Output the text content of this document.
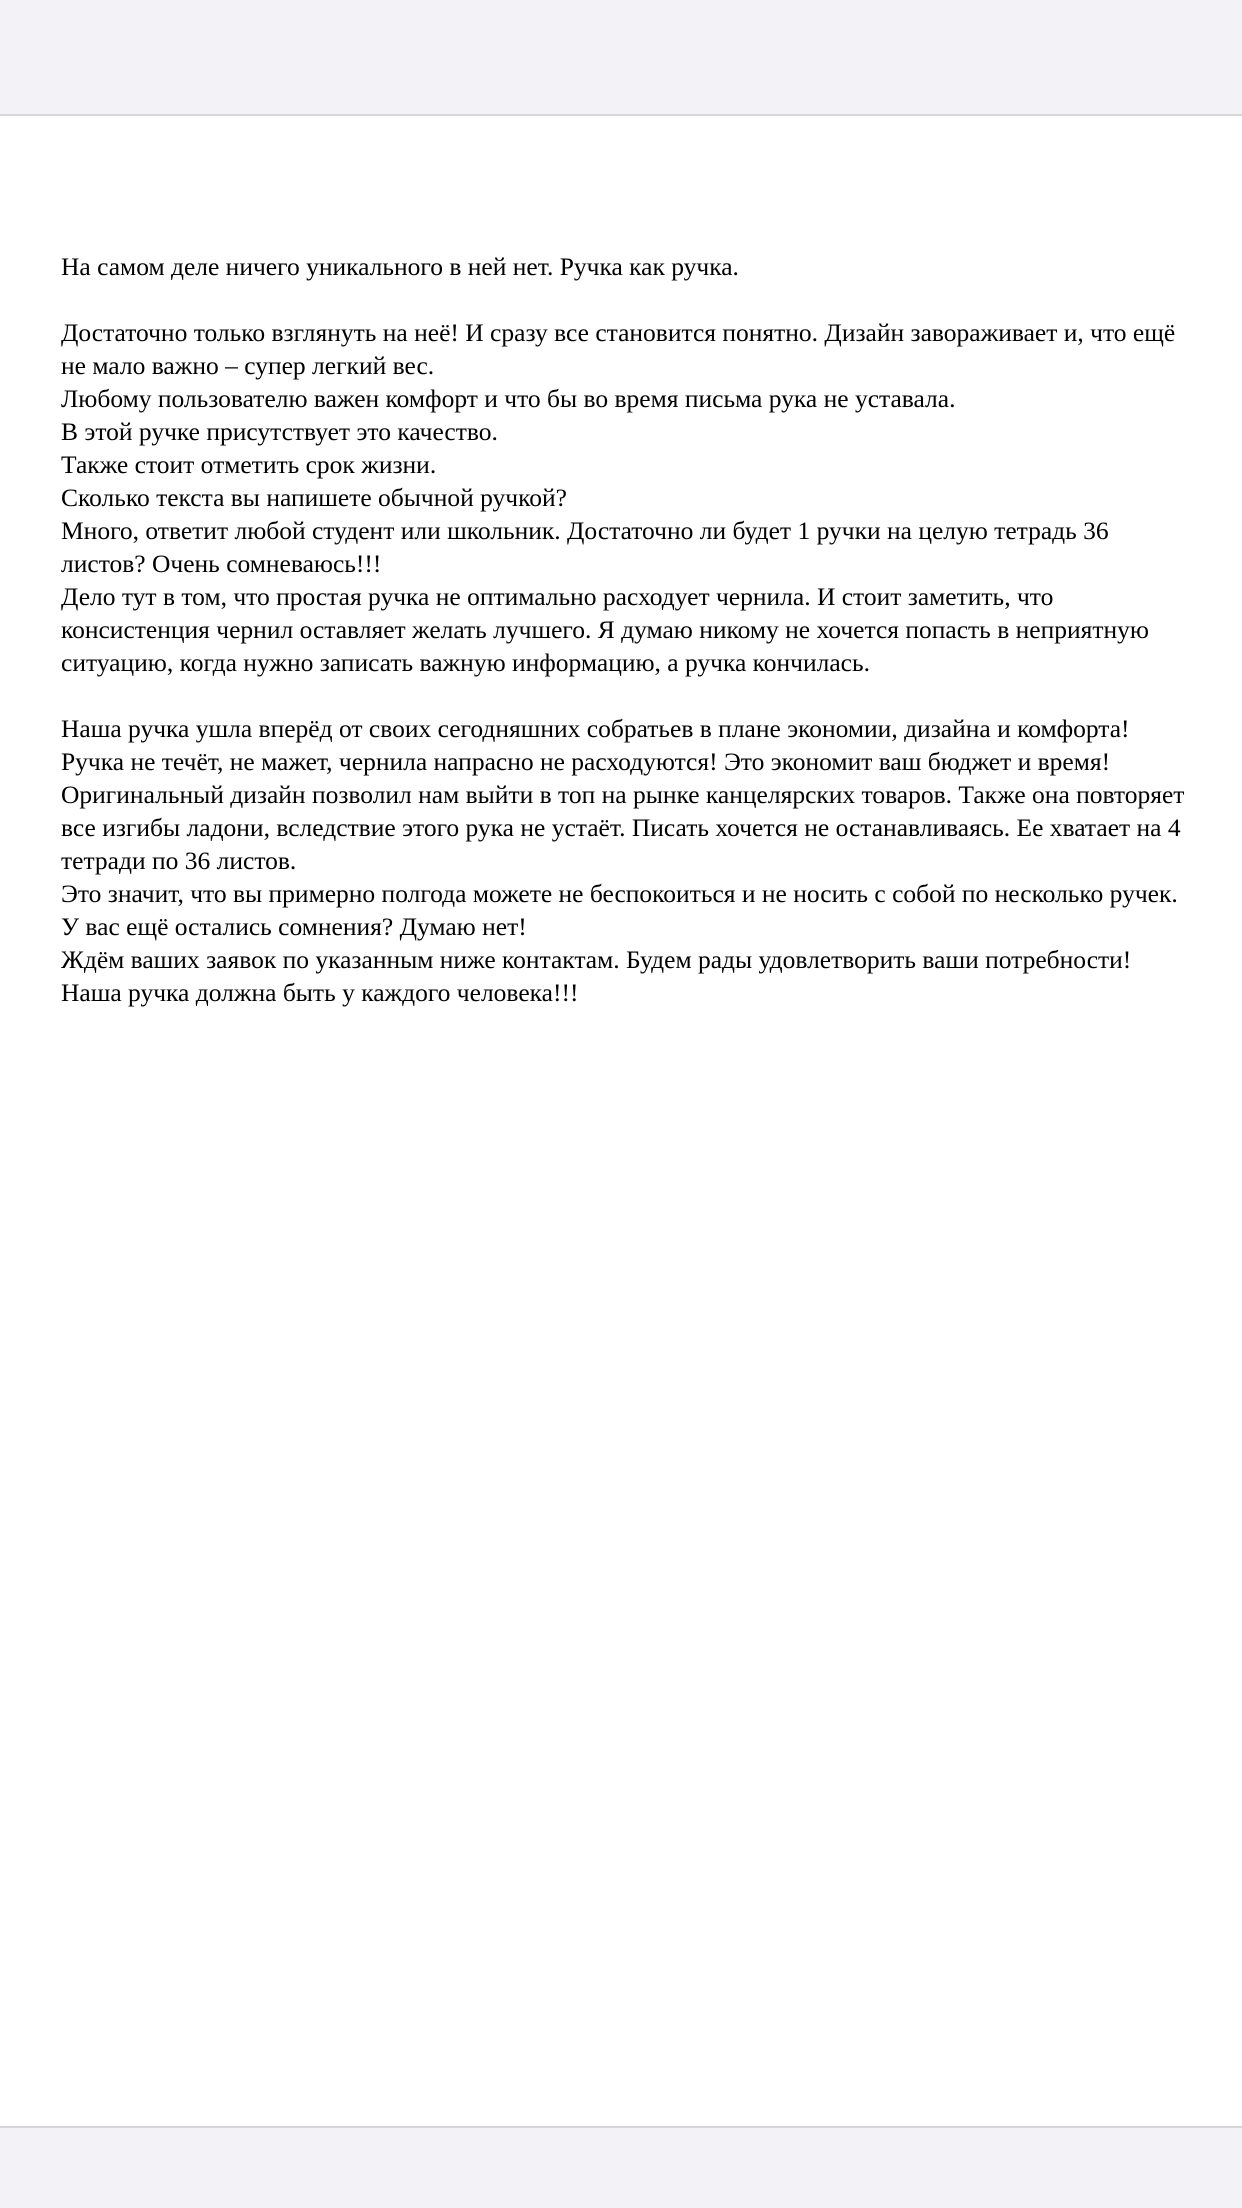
На самом деле ничего уникального в ней нет. Ручка как ручка.

Достаточно только взглянуть на неё! И сразу все становится понятно. Дизайн завораживает и, что ещё не мало важно – супер легкий вес.

Любому пользователю важен комфорт и что бы во время письма рука не уставала.

В этой ручке присутствует это качество.

Также стоит отметить срок жизни.

Сколько текста вы напишете обычной ручкой?

Много, ответит любой студент или школьник. Достаточно ли будет 1 ручки на целую тетрадь 36 листов? Очень сомневаюсь!!!

Дело тут в том, что простая ручка не оптимально расходует чернила. И стоит заметить, что консистенция чернил оставляет желать лучшего. Я думаю никому не хочется попасть в неприятную ситуацию, когда нужно записать важную информацию, а ручка кончилась.

Наша ручка ушла вперёд от своих сегодняшних собратьев в плане экономии, дизайна и комфорта! Ручка не течёт, не мажет, чернила напрасно не расходуются! Это экономит ваш бюджет и время! Оригинальный дизайн позволил нам выйти в топ на рынке канцелярских товаров. Также она повторяет все изгибы ладони, вследствие этого рука не устаёт. Писать хочется не останавливаясь. Ее хватает на 4 тетради по 36 листов.

Это значит, что вы примерно полгода можете не беспокоиться и не носить с собой по несколько ручек.

У вас ещё остались сомнения? Думаю нет!

Ждём ваших заявок по указанным ниже контактам. Будем рады удовлетворить ваши потребности!

Наша ручка должна быть у каждого человека!!!
